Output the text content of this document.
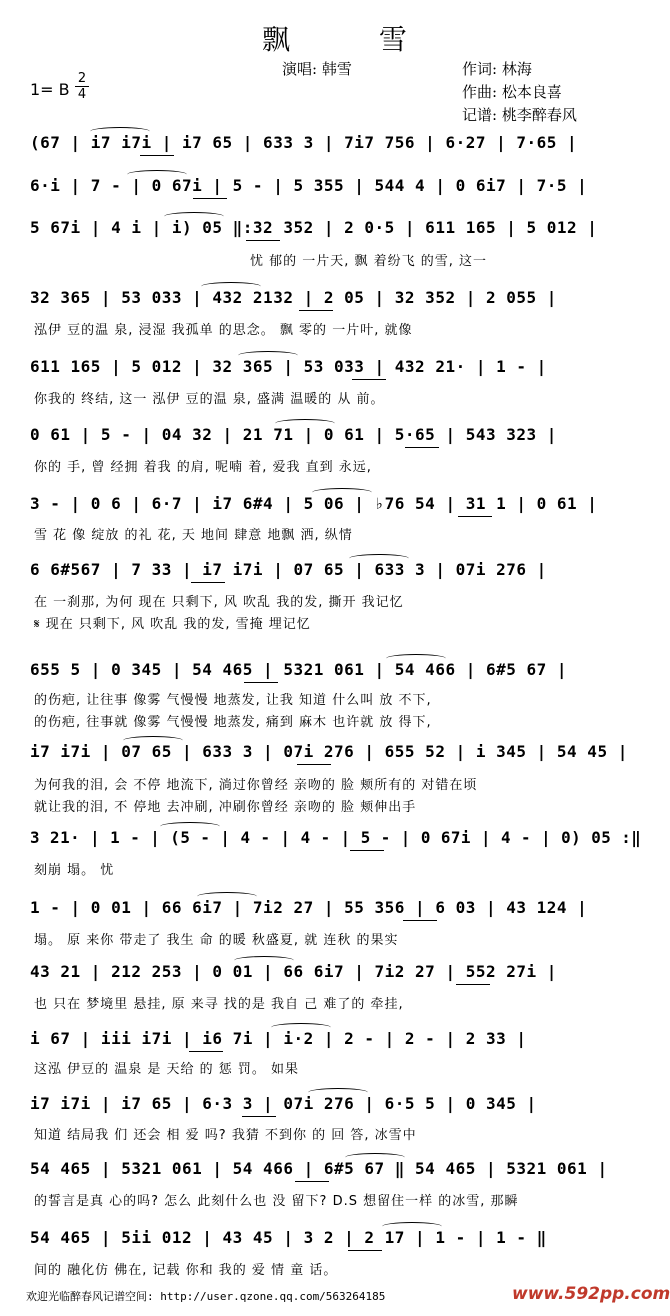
飘 雪
演唱: 韩雪	作词: 林海
作曲: 松本良喜
记谱: 桃李醉春风
1= B
2
4
(67 | i7 i7i | i7 65 | 633 3 | 7i7 756 | 6·27 | 7·65 |
6·i | 7 - | 0 67i | 5 - | 5 355 | 544 4 | 0 6i7 | 7·5 |
5 67i | 4 i | i) 05 ‖:32 352 | 2 0·5 | 611 165 | 5 012 |
忧 郁的 一片天, 飘 着纷飞 的雪, 这一
32 365 | 53 033 | 432 2132 | 2 05 | 32 352 | 2 055 |
泓伊 豆的温 泉, 浸湿 我孤单 的思念。 飘 零的 一片叶, 就像
611 165 | 5 012 | 32 365 | 53 033 | 432 21· | 1 - |
你我的 终结, 这一 泓伊 豆的温 泉, 盛满 温暖的 从 前。
0 61 | 5 - | 04 32 | 21 71 | 0 61 | 5·65 | 543 323 |
你的 手, 曾 经拥 着我 的肩, 呢喃 着, 爱我 直到 永远,
3 - | 0 6 | 6·7 | i7 6#4 | 5 06 | ♭76 54 | 31 1 | 0 61 |
雪 花 像 绽放 的礼 花, 天 地间 肆意 地飘 洒, 纵情
6 6#567 | 7 33 | i7 i7i | 07 65 | 633 3 | 07i 276 |
在 一刹那, 为何 现在 只剩下, 风 吹乱 我的发, 撕开 我记忆
𝄋 现在 只剩下, 风 吹乱 我的发, 雪掩 埋记忆
655 5 | 0 345 | 54 465 | 5321 061 | 54 466 | 6#5 67 |
的伤疤, 让往事 像雾 气慢慢 地蒸发, 让我 知道 什么叫 放 不下,
的伤疤, 往事就 像雾 气慢慢 地蒸发, 痛到 麻木 也许就 放 得下,
i7 i7i | 07 65 | 633 3 | 07i 276 | 655 52 | i 345 | 54 45 |
为何我的泪, 会 不停 地流下, 淌过你曾经 亲吻的 脸 颊所有的 对错在顷
就让我的泪, 不 停地 去冲刷, 冲刷你曾经 亲吻的 脸 颊伸出手
3 21· | 1 - | (5 - | 4 - | 4 - | 5 - | 0 67i | 4 - | 0) 05 :‖
刻崩 塌。 忧
1 - | 0 01 | 66 6i7 | 7i2 27 | 55 356 | 6 03 | 43 124 |
塌。 原 来你 带走了 我生 命 的暖 秋盛夏, 就 连秋 的果实
43 21 | 212 253 | 0 01 | 66 6i7 | 7i2 27 | 552 27i |
也 只在 梦境里 悬挂, 原 来寻 找的是 我自 己 难了的 牵挂,
i 67 | iii i7i | i6 7i | i·2 | 2 - | 2 - | 2 33 |
这泓 伊豆的 温泉 是 天给 的 惩 罚。 如果
i7 i7i | i7 65 | 6·3 3 | 07i 276 | 6·5 5 | 0 345 |
知道 结局我 们 还会 相 爱 吗? 我猜 不到你 的 回 答, 冰雪中
54 465 | 5321 061 | 54 466 | 6#5 67 ‖ 54 465 | 5321 061 |
的誓言是真 心的吗? 怎么 此刻什么也 没 留下? D.S 想留住一样 的冰雪, 那瞬
54 465 | 5ii 012 | 43 45 | 3 2 | 2 17 | 1 - | 1 - ‖
间的 融化仿 佛在, 记载 你和 我的 爱 情 童 话。
欢迎光临醉春风记谱空间: http://user.qzone.qq.com/563264185	www.592pp.com
